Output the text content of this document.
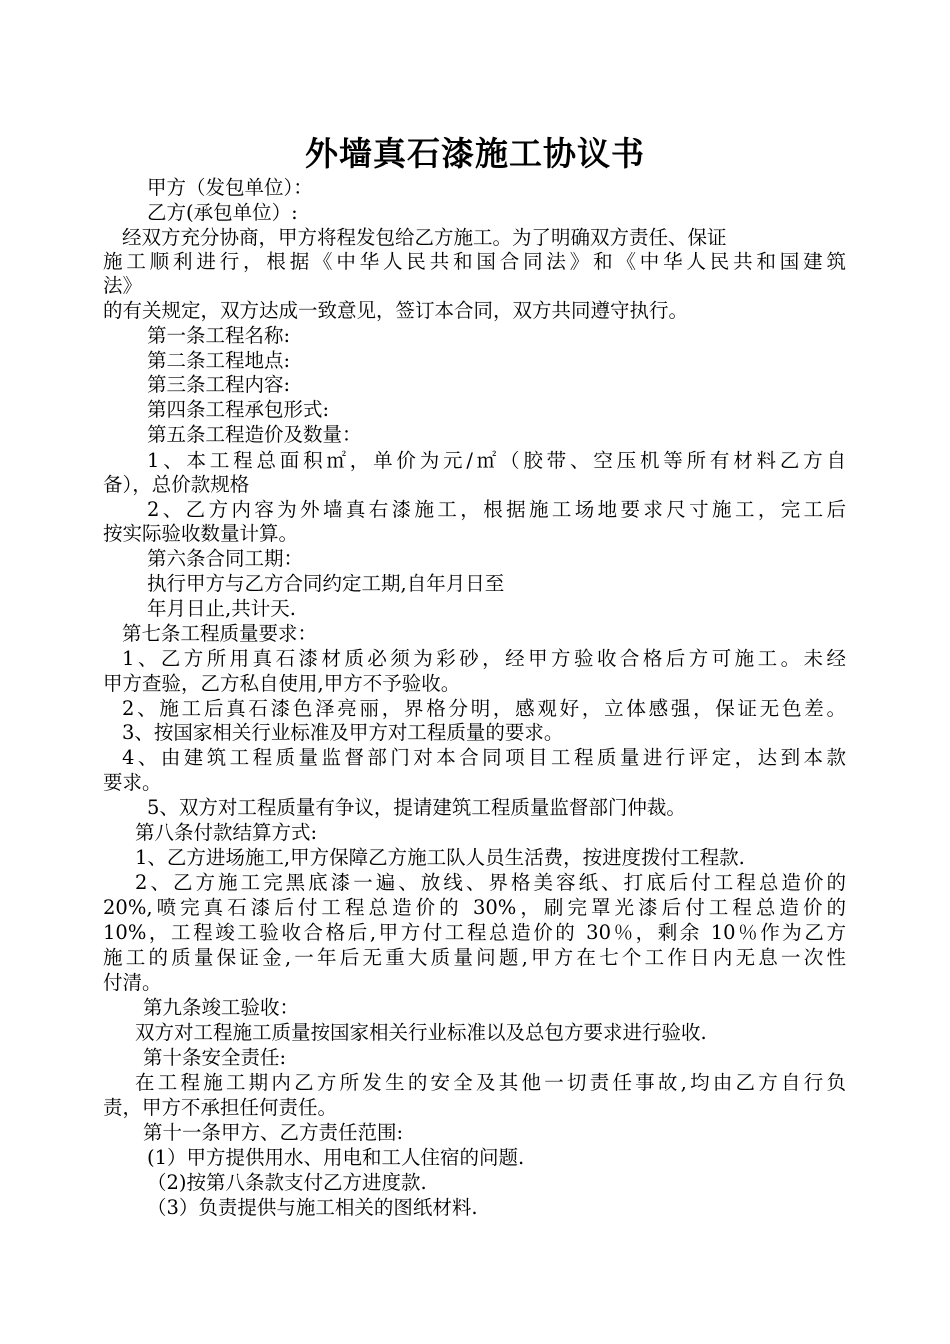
外墙真石漆施工协议书
甲方（发包单位）：
乙方(承包单位）:
经双方充分协商，甲方将程发包给乙方施工。为了明确双方责任、保证
施工顺利进行，根据《中华人民共和国合同法》和《中华人民共和国建筑
法》
的有关规定，双方达成一致意见，签订本合同，双方共同遵守执行。
第一条工程名称:
第二条工程地点:
第三条工程内容:
第四条工程承包形式:
第五条工程造价及数量：
1、本工程总面积㎡，单价为元/㎡（胶带、空压机等所有材料乙方自
备），总价款规格
2、乙方内容为外墙真右漆施工，根据施工场地要求尺寸施工，完工后
按实际验收数量计算。
第六条合同工期：
执行甲方与乙方合同约定工期,自年月日至
年月日止,共计天.
第七条工程质量要求：
1、乙方所用真石漆材质必须为彩砂，经甲方验收合格后方可施工。未经
甲方查验，乙方私自使用,甲方不予验收。
2、施工后真石漆色泽亮丽，界格分明，感观好，立体感强，保证无色差。
3、按国家相关行业标准及甲方对工程质量的要求。
4、由建筑工程质量监督部门对本合同项目工程质量进行评定，达到本款
要求。
5、双方对工程质量有争议，提请建筑工程质量监督部门仲裁。
第八条付款结算方式:
1、乙方进场施工,甲方保障乙方施工队人员生活费，按进度拨付工程款.
2、乙方施工完黑底漆一遍、放线、界格美容纸、打底后付工程总造价的
20%,喷完真石漆后付工程总造价的 30%，刷完罩光漆后付工程总造价的
10%，工程竣工验收合格后,甲方付工程总造价的 30％，剩余 10％作为乙方
施工的质量保证金,一年后无重大质量问题,甲方在七个工作日内无息一次性
付清。
第九条竣工验收：
双方对工程施工质量按国家相关行业标准以及总包方要求进行验收.
第十条安全责任:
在工程施工期内乙方所发生的安全及其他一切责任事故,均由乙方自行负
责，甲方不承担任何责任。
第十一条甲方、乙方责任范围:
(1）甲方提供用水、用电和工人住宿的问题.
（2)按第八条款支付乙方进度款.
（3）负责提供与施工相关的图纸材料.
